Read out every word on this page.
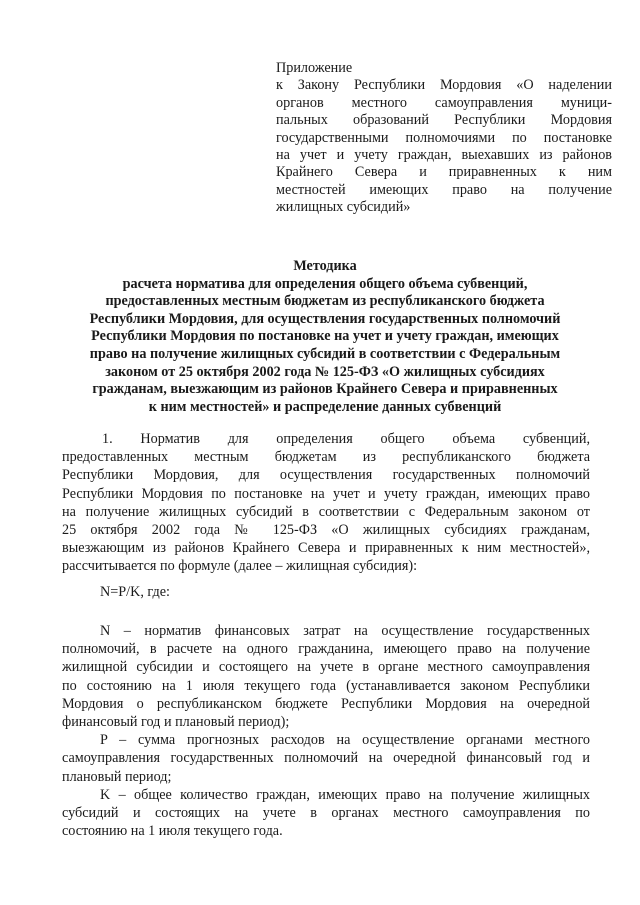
Приложение
к Закону Республики Мордовия «О наделении
органов местного самоуправления муници-
пальных образований Республики Мордовия
государственными полномочиями по постановке
на учет и учету граждан, выехавших из районов
Крайнего Севера и приравненных к ним
местностей имеющих право на получение
жилищных субсидий»
Методика
расчета норматива для определения общего объема субвенций,
предоставленных местным бюджетам из республиканского бюджета
Республики Мордовия, для осуществления государственных полномочий
Республики Мордовия по постановке на учет и учету граждан, имеющих
право на получение жилищных субсидий в соответствии с Федеральным
законом от 25 октября 2002 года № 125-ФЗ «О жилищных субсидиях
гражданам, выезжающим из районов Крайнего Севера и приравненных
к ним местностей» и распределение данных субвенций
1. Норматив для определения общего объема субвенций,
предоставленных местным бюджетам из республиканского бюджета
Республики Мордовия, для осуществления государственных полномочий
Республики Мордовия по постановке на учет и учету граждан, имеющих право
на получение жилищных субсидий в соответствии с Федеральным законом от
25 октября 2002 года № 125-ФЗ «О жилищных субсидиях гражданам,
выезжающим из районов Крайнего Севера и приравненных к ним местностей»,
рассчитывается по формуле (далее – жилищная субсидия):
N=P/K, где:
N – норматив финансовых затрат на осуществление государственных
полномочий, в расчете на одного гражданина, имеющего право на получение
жилищной субсидии и состоящего на учете в органе местного самоуправления
по состоянию на 1 июля текущего года (устанавливается законом Республики
Мордовия о республиканском бюджете Республики Мордовия на очередной
финансовый год и плановый период);
P – сумма прогнозных расходов на осуществление органами местного
самоуправления государственных полномочий на очередной финансовый год и
плановый период;
K – общее количество граждан, имеющих право на получение жилищных
субсидий и состоящих на учете в органах местного самоуправления по
состоянию на 1 июля текущего года.
